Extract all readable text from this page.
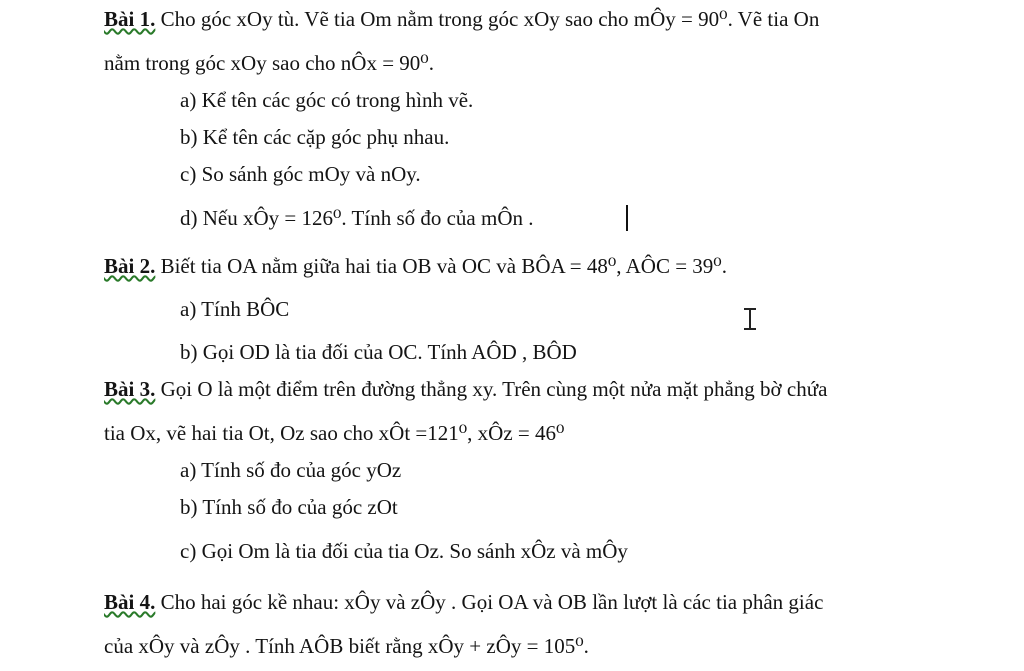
Bài 1. Cho góc xOy tù. Vẽ tia Om nằm trong góc xOy sao cho mÔy = 90⁰. Vẽ tia On
nằm trong góc xOy sao cho nÔx = 90⁰.
a) Kể tên các góc có trong hình vẽ.
b) Kể tên các cặp góc phụ nhau.
c) So sánh góc mOy và nOy.
d) Nếu xÔy = 126⁰. Tính số đo của mÔn .
Bài 2. Biết tia OA nằm giữa hai tia OB và OC và BÔA = 48⁰, AÔC = 39⁰.
a) Tính BÔC
b) Gọi OD là tia đối của OC. Tính AÔD , BÔD
Bài 3. Gọi O là một điểm trên đường thẳng xy. Trên cùng một nửa mặt phẳng bờ chứa
tia Ox, vẽ hai tia Ot, Oz sao cho xÔt =121⁰, xÔz = 46⁰
a) Tính số đo của góc yOz
b) Tính số đo của góc zOt
c) Gọi Om là tia đối của tia Oz. So sánh xÔz và mÔy
Bài 4. Cho hai góc kề nhau: xÔy và zÔy . Gọi OA và OB lần lượt là các tia phân giác
của xÔy và zÔy . Tính AÔB biết rằng xÔy + zÔy = 105⁰.
